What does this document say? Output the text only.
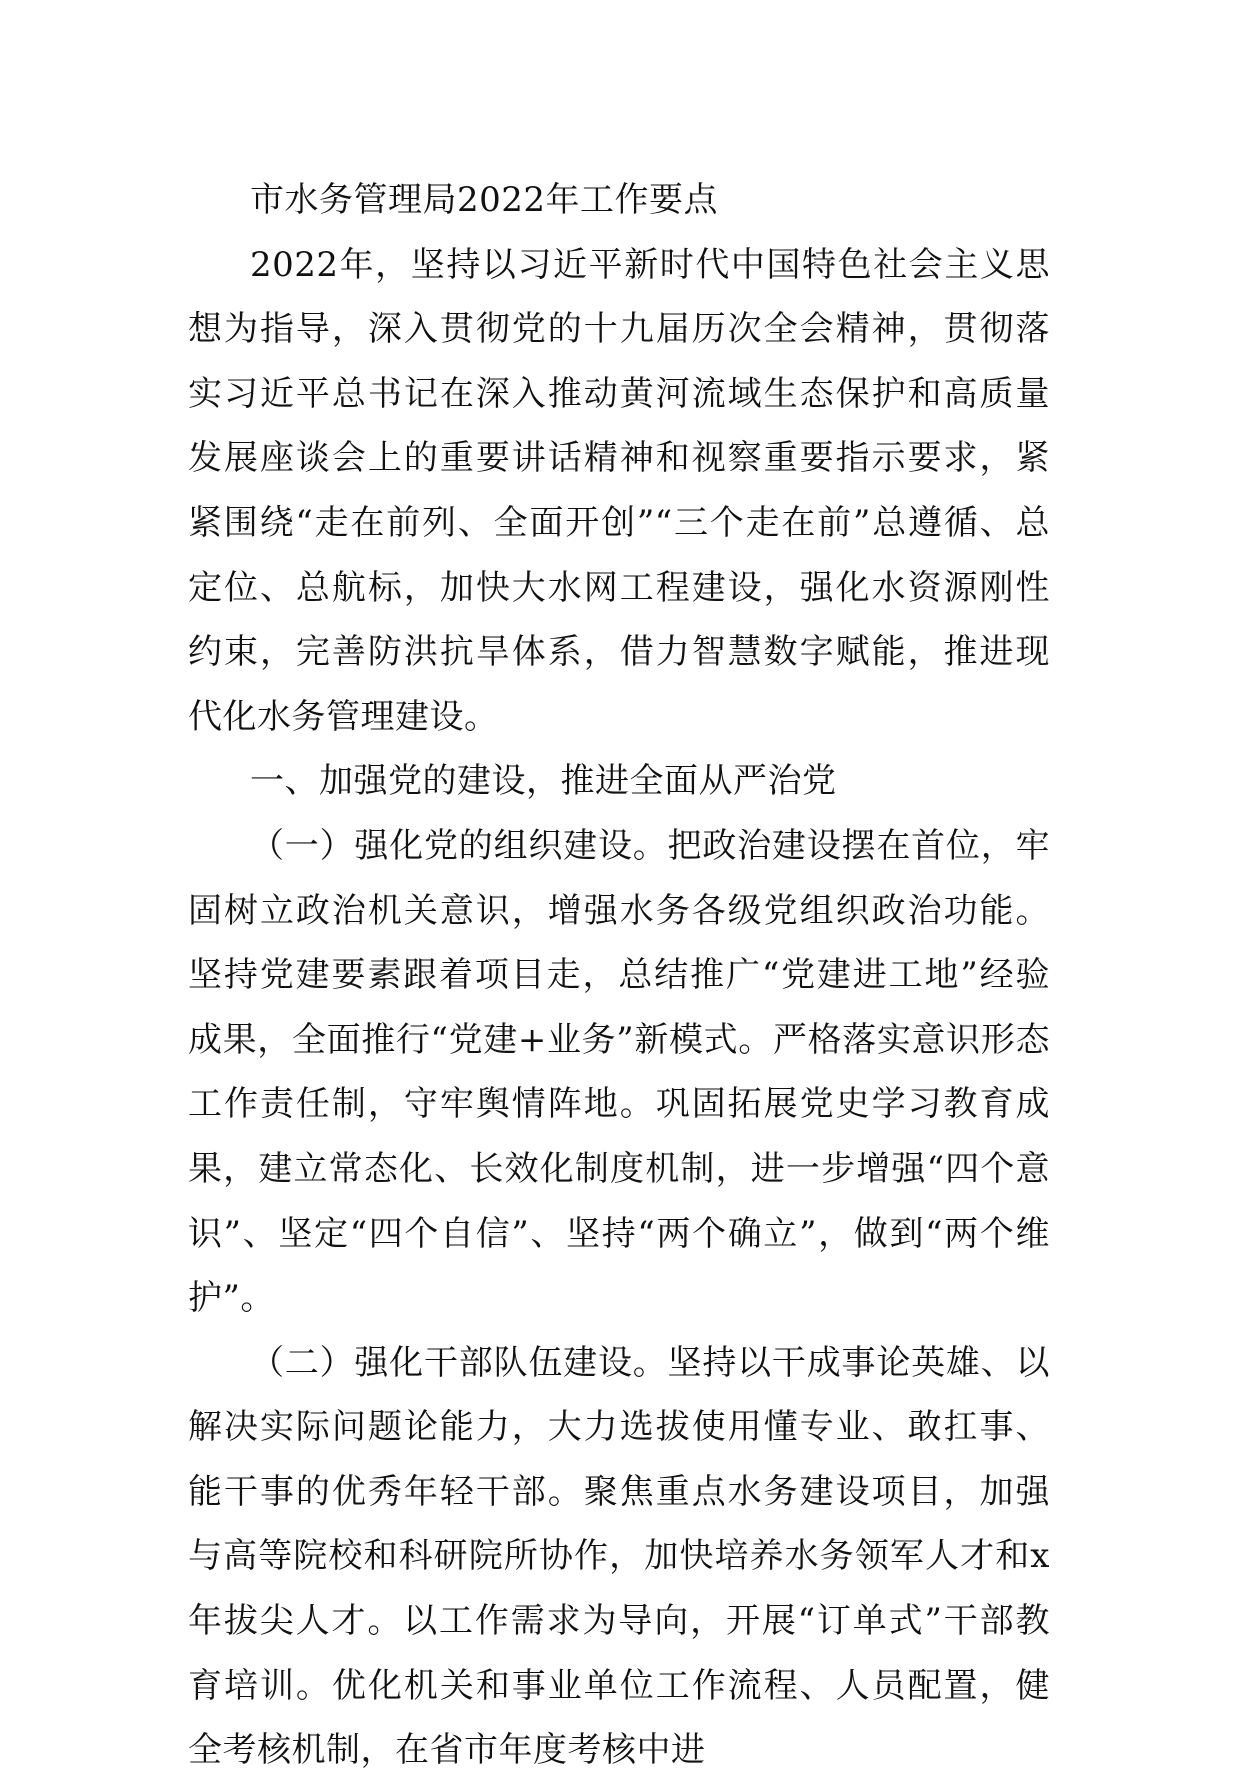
市水务管理局2022年工作要点

2022年，坚持以习近平新时代中国特色社会主义思想为指导，深入贯彻党的十九届历次全会精神，贯彻落实习近平总书记在深入推动黄河流域生态保护和高质量发展座谈会上的重要讲话精神和视察重要指示要求，紧紧围绕“走在前列、全面开创”“三个走在前”总遵循、总定位、总航标，加快大水网工程建设，强化水资源刚性约束，完善防洪抗旱体系，借力智慧数字赋能，推进现代化水务管理建设。

一、加强党的建设，推进全面从严治党

（一）强化党的组织建设。把政治建设摆在首位，牢固树立政治机关意识，增强水务各级党组织政治功能。坚持党建要素跟着项目走，总结推广“党建进工地”经验成果，全面推行“党建+业务”新模式。严格落实意识形态工作责任制，守牢舆情阵地。巩固拓展党史学习教育成果，建立常态化、长效化制度机制，进一步增强“四个意识”、坚定“四个自信”、坚持“两个确立”，做到“两个维护”。

（二）强化干部队伍建设。坚持以干成事论英雄、以解决实际问题论能力，大力选拔使用懂专业、敢扛事、能干事的优秀年轻干部。聚焦重点水务建设项目，加强与高等院校和科研院所协作，加快培养水务领军人才和x年拔尖人才。以工作需求为导向，开展“订单式”干部教育培训。优化机关和事业单位工作流程、人员配置，健全考核机制，在省市年度考核中进
